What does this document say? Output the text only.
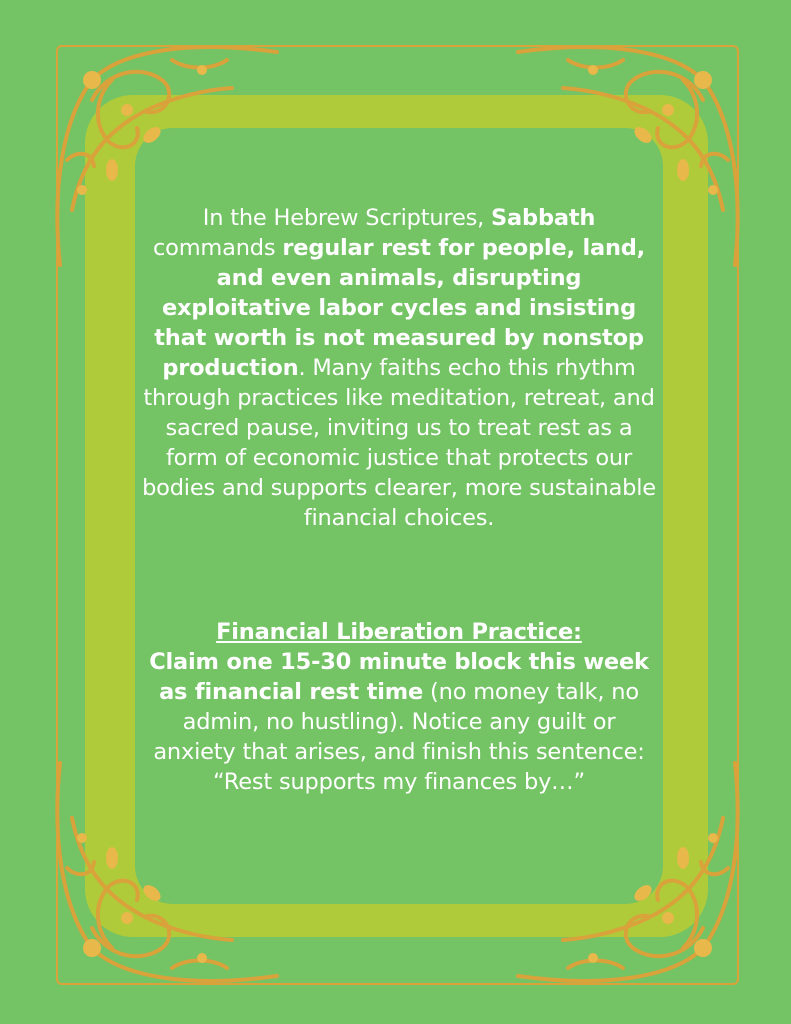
In the Hebrew Scriptures, Sabbath commands regular rest for people, land, and even animals, disrupting exploitative labor cycles and insisting that worth is not measured by nonstop production. Many faiths echo this rhythm through practices like meditation, retreat, and sacred pause, inviting us to treat rest as a form of economic justice that protects our bodies and supports clearer, more sustainable financial choices.
Financial Liberation Practice:
Claim one 15-30 minute block this week as financial rest time (no money talk, no admin, no hustling). Notice any guilt or anxiety that arises, and finish this sentence: “Rest supports my finances by…”
